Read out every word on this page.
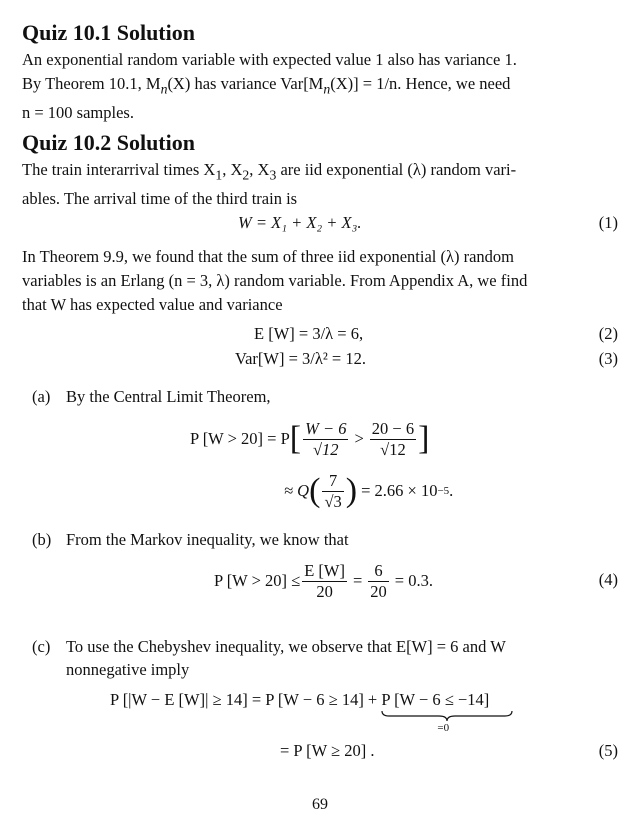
Quiz 10.1 Solution
An exponential random variable with expected value 1 also has variance 1.
By Theorem 10.1, $M_n(X)$ has variance $Var[M_n(X)] = 1/n$. Hence, we need
n = 100 samples.
Quiz 10.2 Solution
The train interarrival times $X_1$, $X_2$, $X_3$ are iid exponential (λ) random vari-
ables. The arrival time of the third train is
W = X₁ + X₂ + X₃.	(1)
In Theorem 9.9, we found that the sum of three iid exponential (λ) random
variables is an Erlang (n = 3, λ) random variable. From Appendix A, we find
that W has expected value and variance
E [W] = 3/λ = 6,	(2)
Var[W] = 3/λ² = 12.	(3)
(a) By the Central Limit Theorem,
P [W > 20] = P [ $\frac{W - 6}{√12} > \frac{20 - 6}{√12}$ ]
≈ Q ( $\frac{7}{√3}$ ) = 2.66 × 10 −5 .
(b) From the Markov inequality, we know that
P $[W > 20] \le \frac{E [W]}{20} = \frac{6}{20} = 0.3$.	(4)
(c) To use the Chebyshev inequality, we observe that E[W] = 6 and W
nonnegative imply
P [|W − E [W]| ≥ 14] = P [W − 6 ≥ 14] + P [W − 6 ≤ −14]
=0
= P [W ≥ 20] .	(5)
69
